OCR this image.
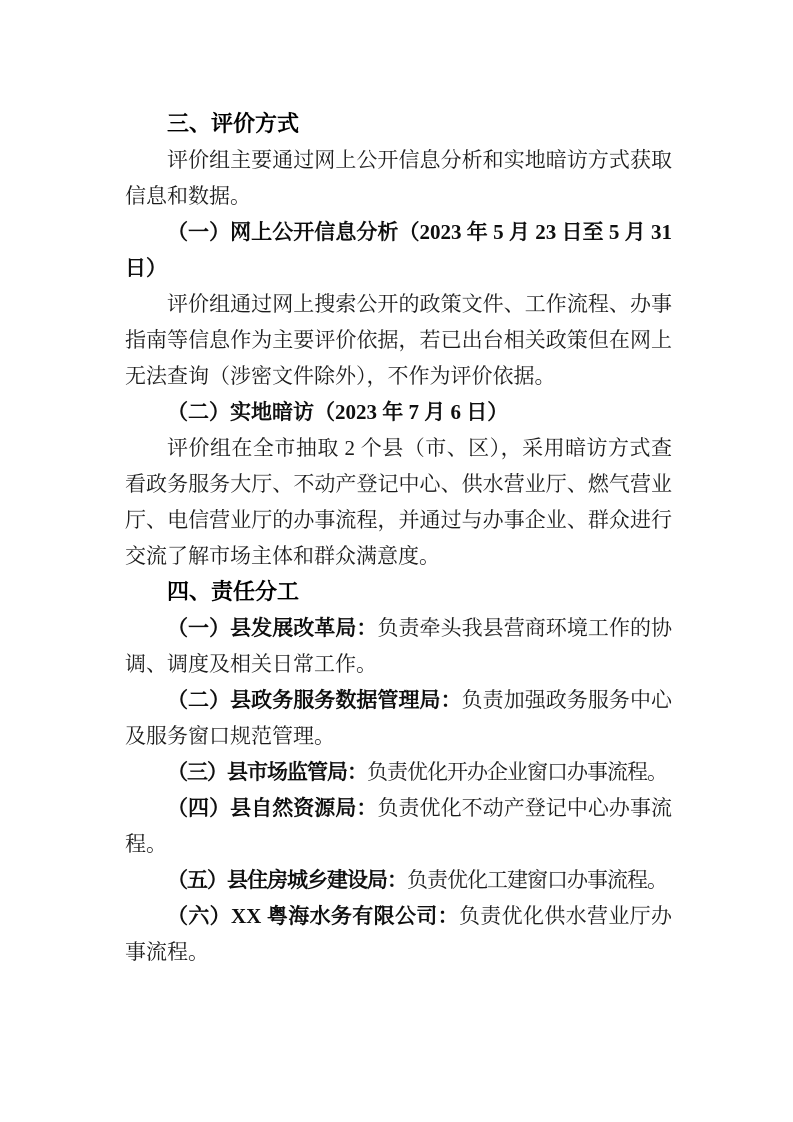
三、评价方式

评价组主要通过网上公开信息分析和实地暗访方式获取信息和数据。

（一）网上公开信息分析（2023 年 5 月 23 日至 5 月 31 日）

评价组通过网上搜索公开的政策文件、工作流程、办事指南等信息作为主要评价依据，若已出台相关政策但在网上无法查询（涉密文件除外），不作为评价依据。

（二）实地暗访（2023 年 7 月 6 日）

评价组在全市抽取 2 个县（市、区），采用暗访方式查看政务服务大厅、不动产登记中心、供水营业厅、燃气营业厅、电信营业厅的办事流程，并通过与办事企业、群众进行交流了解市场主体和群众满意度。

四、责任分工

（一）县发展改革局：负责牵头我县营商环境工作的协调、调度及相关日常工作。

（二）县政务服务数据管理局：负责加强政务服务中心及服务窗口规范管理。

（三）县市场监管局：负责优化开办企业窗口办事流程。

（四）县自然资源局：负责优化不动产登记中心办事流程。

（五）县住房城乡建设局：负责优化工建窗口办事流程。

（六）XX 粤海水务有限公司：负责优化供水营业厅办事流程。
